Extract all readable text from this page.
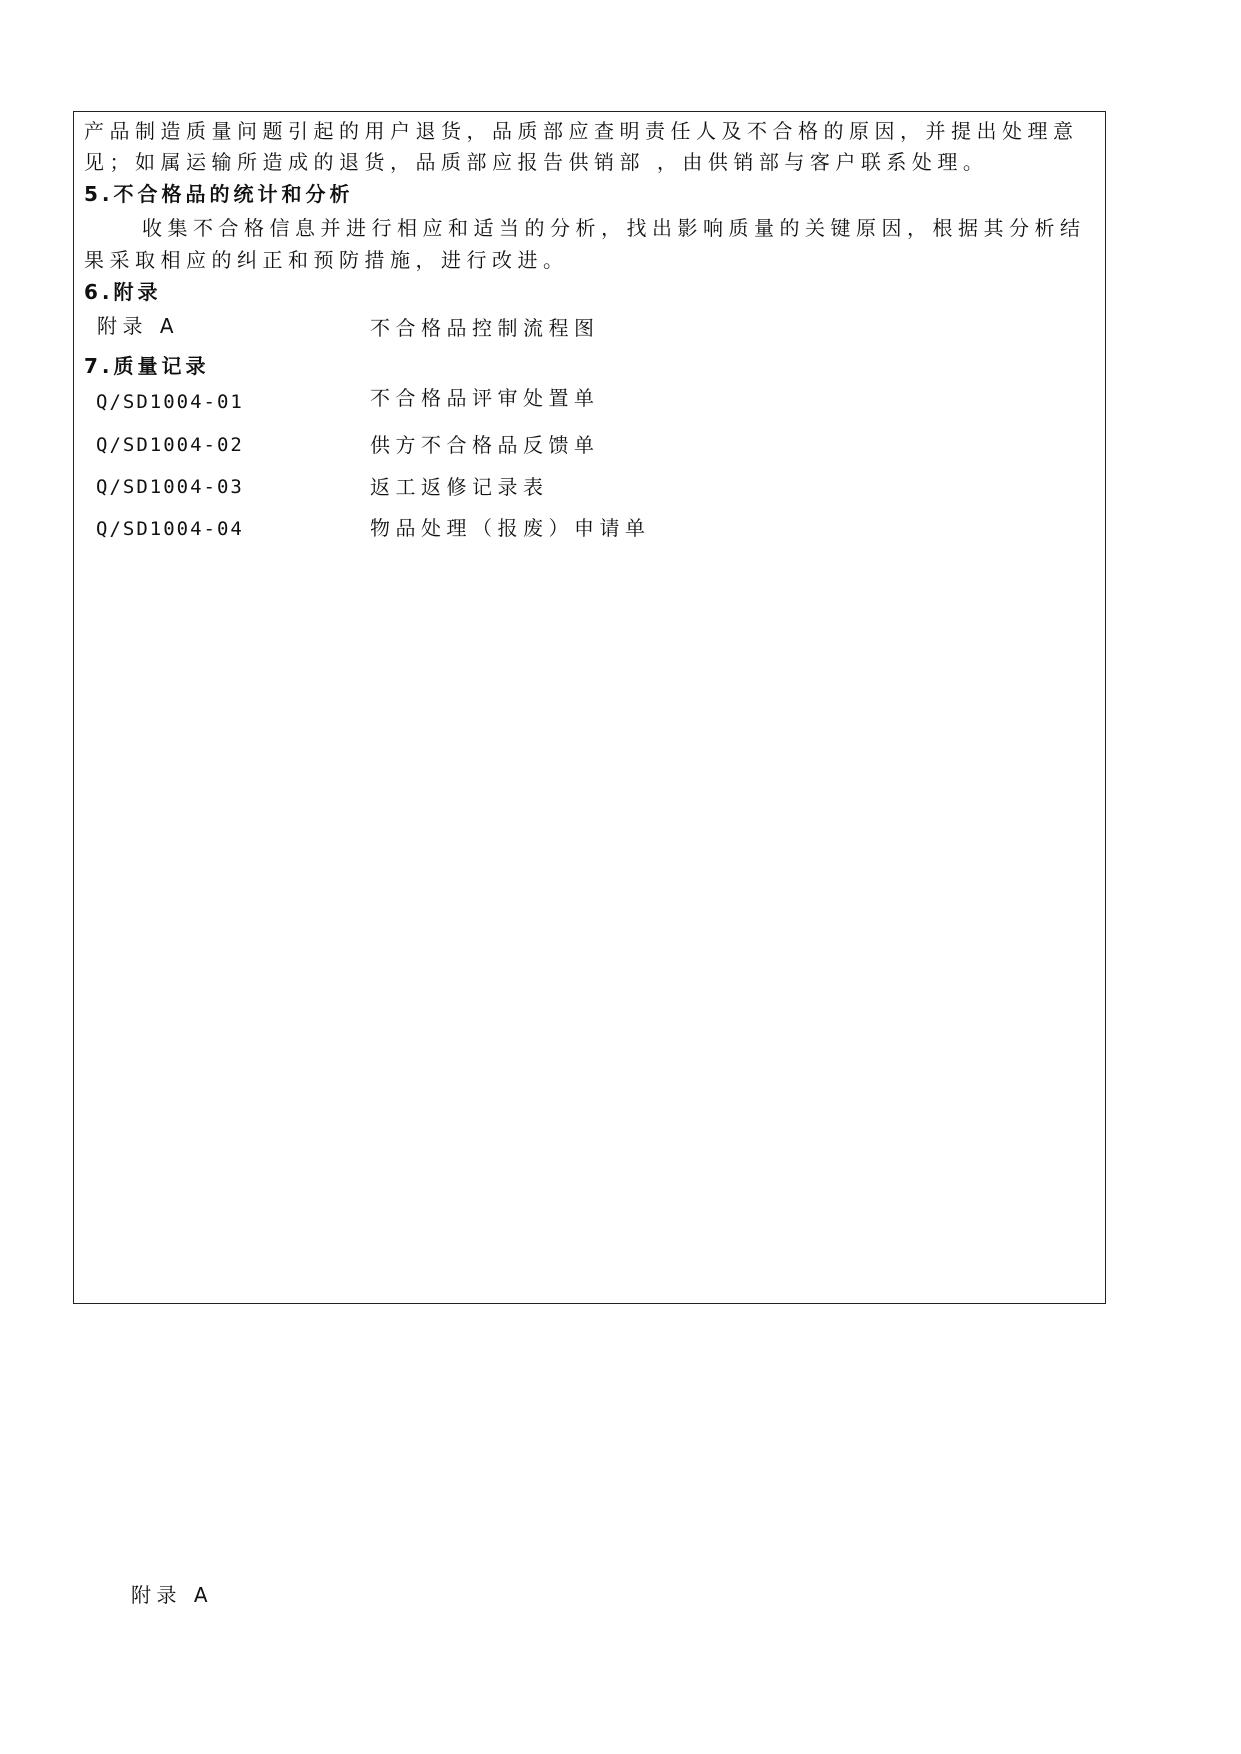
产品制造质量问题引起的用户退货，品质部应查明责任人及不合格的原因，并提出处理意
见；如属运输所造成的退货，品质部应报告供销部 ，由供销部与客户联系处理。
5.不合格品的统计和分析
收集不合格信息并进行相应和适当的分析，找出影响质量的关键原因，根据其分析结
果采取相应的纠正和预防措施，进行改进。
6.附录
附录 A	不合格品控制流程图
7.质量记录
Q/SD1004-01	不合格品评审处置单
Q/SD1004-02	供方不合格品反馈单
Q/SD1004-03	返工返修记录表
Q/SD1004-04	物品处理（报废）申请单
附录 A
